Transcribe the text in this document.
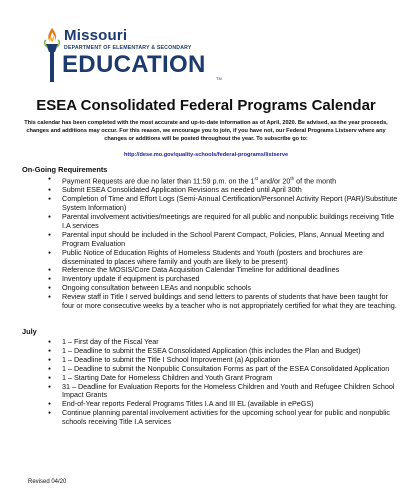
Missouri
DEPARTMENT OF ELEMENTARY & SECONDARY
EDUCATION
TM
ESEA Consolidated Federal Programs Calendar

This calendar has been completed with the most accurate and up-to-date information as of April, 2020. Be advised, as the year proceeds, changes and additions may occur. For this reason, we encourage you to join, if you have not, our Federal Programs Listserv where any changes or additions will be posted throughout the year. To subscribe go to:

http://dese.mo.gov/quality-schools/federal-programs/listserve

On-Going Requirements

● Payment Requests are due no later than 11:59 p.m. on the 1st and/or 20th of the month
● Submit ESEA Consolidated Application Revisions as needed until April 30th
● Completion of Time and Effort Logs (Semi-Annual Certification/Personnel Activity Report (PAR)/Substitute System Information)
● Parental involvement activities/meetings are required for all public and nonpublic buildings receiving Title I.A services
● Parental input should be included in the School Parent Compact, Policies, Plans, Annual Meeting and Program Evaluation
● Public Notice of Education Rights of Homeless Students and Youth (posters and brochures are disseminated to places where family and youth are likely to be present)
● Reference the MOSIS/Core Data Acquisition Calendar Timeline for additional deadlines
● Inventory update if equipment is purchased
● Ongoing consultation between LEAs and nonpublic schools
● Review staff in Title I served buildings and send letters to parents of students that have been taught for four or more consecutive weeks by a teacher who is not appropriately certified for what they are teaching.

July

● 1 – First day of the Fiscal Year
● 1 – Deadline to submit the ESEA Consolidated Application (this includes the Plan and Budget)
● 1 – Deadline to submit the Title I School Improvement (a) Application
● 1 – Deadline to submit the Nonpublic Consultation Forms as part of the ESEA Consolidated Application
● 1 – Starting Date for Homeless Children and Youth Grant Program
● 31 – Deadline for Evaluation Reports for the Homeless Children and Youth and Refugee Children School Impact Grants
● End-of-Year reports Federal Programs Titles I.A and III EL (available in ePeGS)
● Continue planning parental involvement activities for the upcoming school year for public and nonpublic schools receiving Title I.A services

Revised 04/20
